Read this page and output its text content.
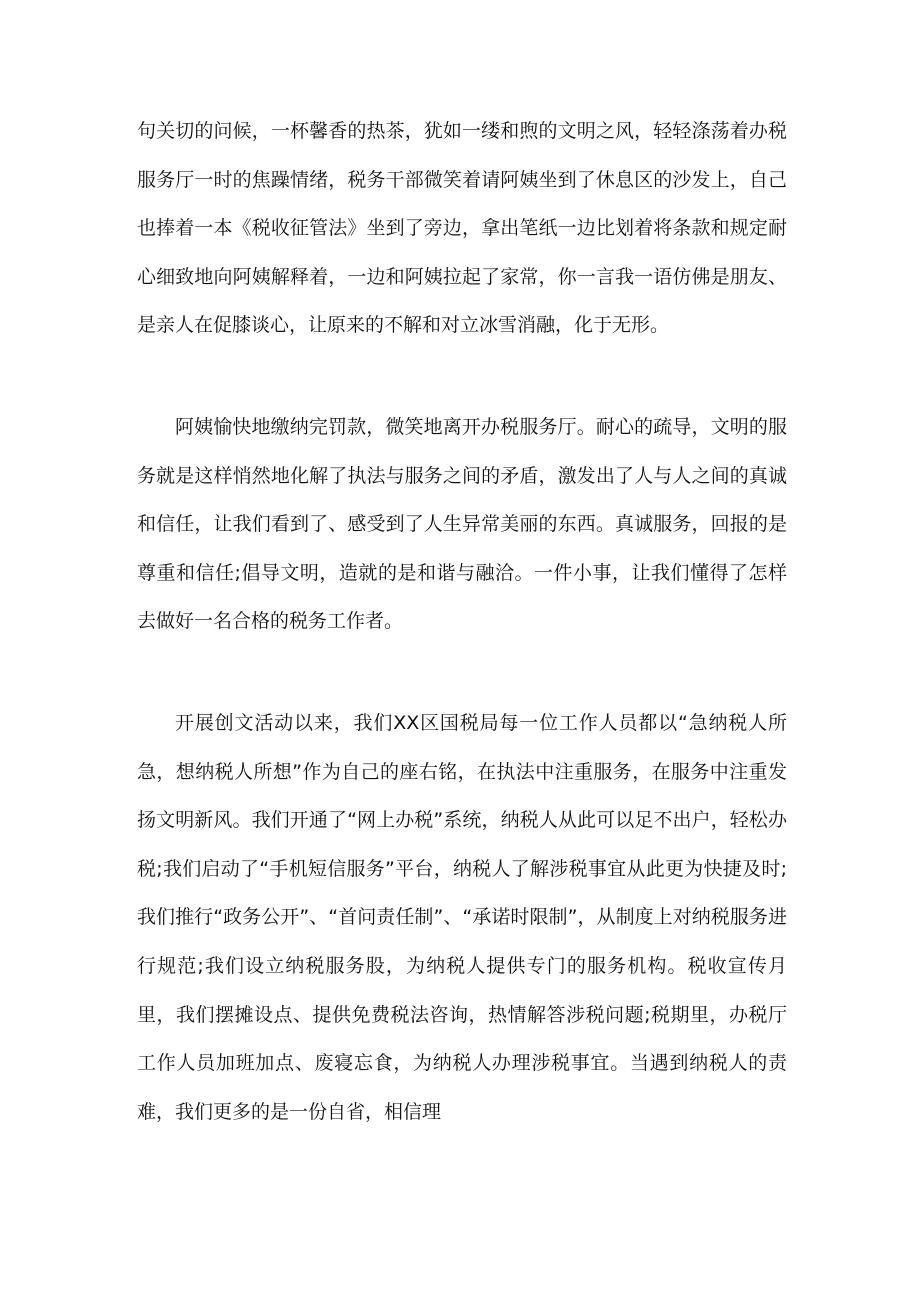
句关切的问候，一杯馨香的热茶，犹如一缕和煦的文明之风，轻轻涤荡着办税服务厅一时的焦躁情绪，税务干部微笑着请阿姨坐到了休息区的沙发上，自己也捧着一本《税收征管法》坐到了旁边，拿出笔纸一边比划着将条款和规定耐心细致地向阿姨解释着，一边和阿姨拉起了家常，你一言我一语仿佛是朋友、是亲人在促膝谈心，让原来的不解和对立冰雪消融，化于无形。

阿姨愉快地缴纳完罚款，微笑地离开办税服务厅。耐心的疏导，文明的服务就是这样悄然地化解了执法与服务之间的矛盾，激发出了人与人之间的真诚和信任，让我们看到了、感受到了人生异常美丽的东西。真诚服务，回报的是尊重和信任;倡导文明，造就的是和谐与融洽。一件小事，让我们懂得了怎样去做好一名合格的税务工作者。

开展创文活动以来，我们XX区国税局每一位工作人员都以“急纳税人所急，想纳税人所想”作为自己的座右铭，在执法中注重服务，在服务中注重发扬文明新风。我们开通了“网上办税”系统，纳税人从此可以足不出户，轻松办税;我们启动了“手机短信服务”平台，纳税人了解涉税事宜从此更为快捷及时;我们推行“政务公开”、“首问责任制”、“承诺时限制”，从制度上对纳税服务进行规范;我们设立纳税服务股，为纳税人提供专门的服务机构。税收宣传月里，我们摆摊设点、提供免费税法咨询，热情解答涉税问题;税期里，办税厅工作人员加班加点、废寝忘食，为纳税人办理涉税事宜。当遇到纳税人的责难，我们更多的是一份自省，相信理
